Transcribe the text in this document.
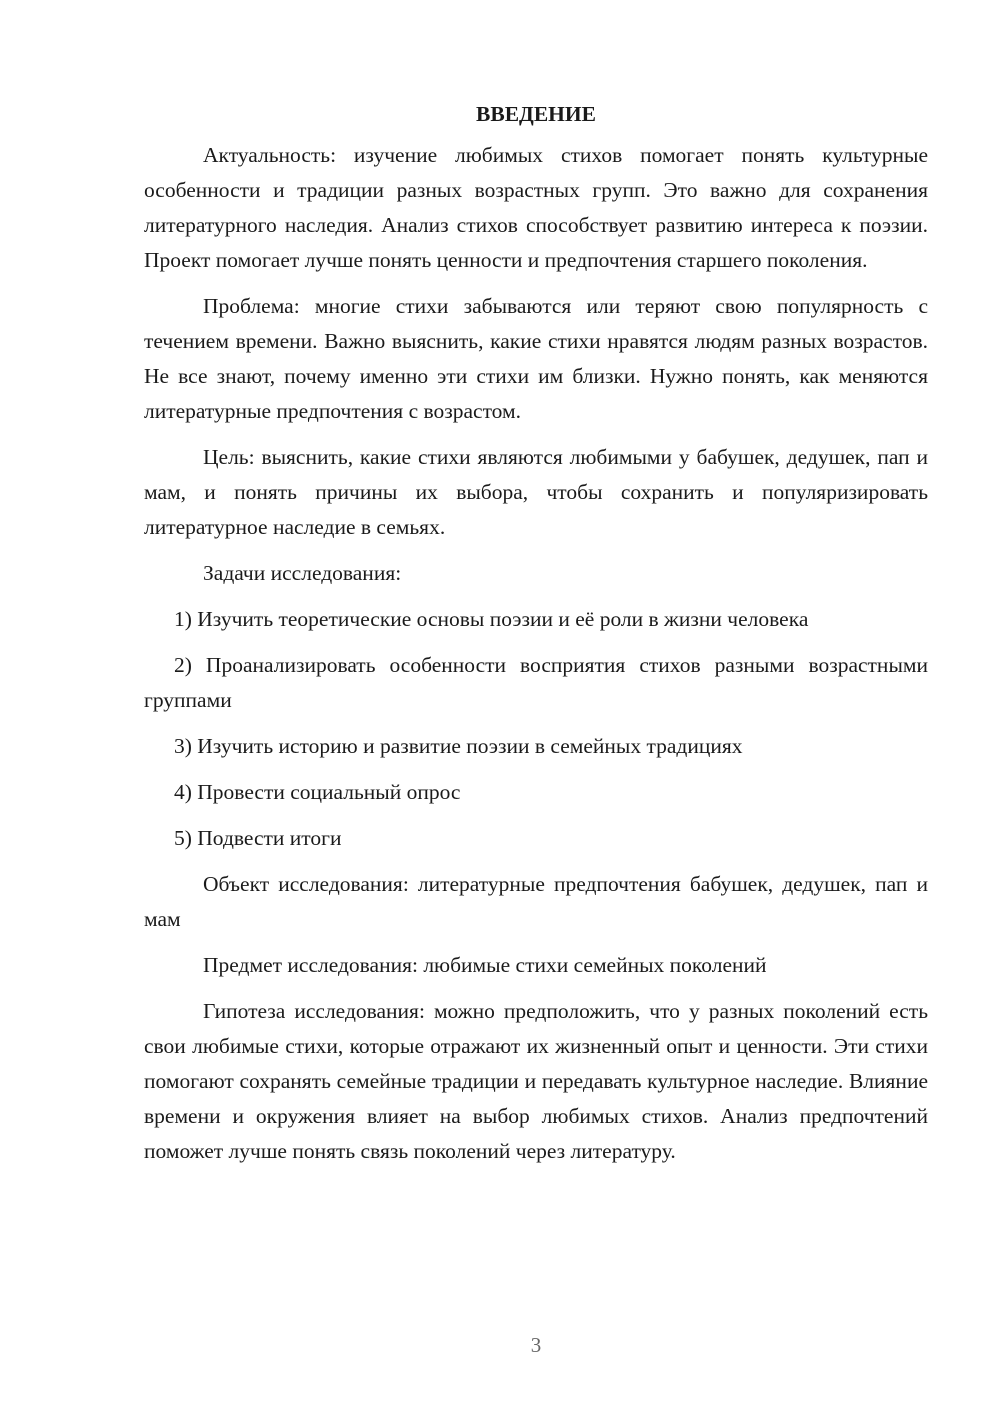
ВВЕДЕНИЕ

Актуальность: изучение любимых стихов помогает понять культурные особенности и традиции разных возрастных групп. Это важно для сохранения литературного наследия. Анализ стихов способствует развитию интереса к поэзии. Проект помогает лучше понять ценности и предпочтения старшего поколения.

Проблема: многие стихи забываются или теряют свою популярность с течением времени. Важно выяснить, какие стихи нравятся людям разных возрастов. Не все знают, почему именно эти стихи им близки. Нужно понять, как меняются литературные предпочтения с возрастом.

Цель: выяснить, какие стихи являются любимыми у бабушек, дедушек, пап и мам, и понять причины их выбора, чтобы сохранить и популяризировать литературное наследие в семьях.

Задачи исследования:

1) Изучить теоретические основы поэзии и её роли в жизни человека

2) Проанализировать особенности восприятия стихов разными возрастными группами

3) Изучить историю и развитие поэзии в семейных традициях

4) Провести социальный опрос

5) Подвести итоги

Объект исследования: литературные предпочтения бабушек, дедушек, пап и мам

Предмет исследования: любимые стихи семейных поколений

Гипотеза исследования: можно предположить, что у разных поколений есть свои любимые стихи, которые отражают их жизненный опыт и ценности. Эти стихи помогают сохранять семейные традиции и передавать культурное наследие. Влияние времени и окружения влияет на выбор любимых стихов. Анализ предпочтений поможет лучше понять связь поколений через литературу.

3
